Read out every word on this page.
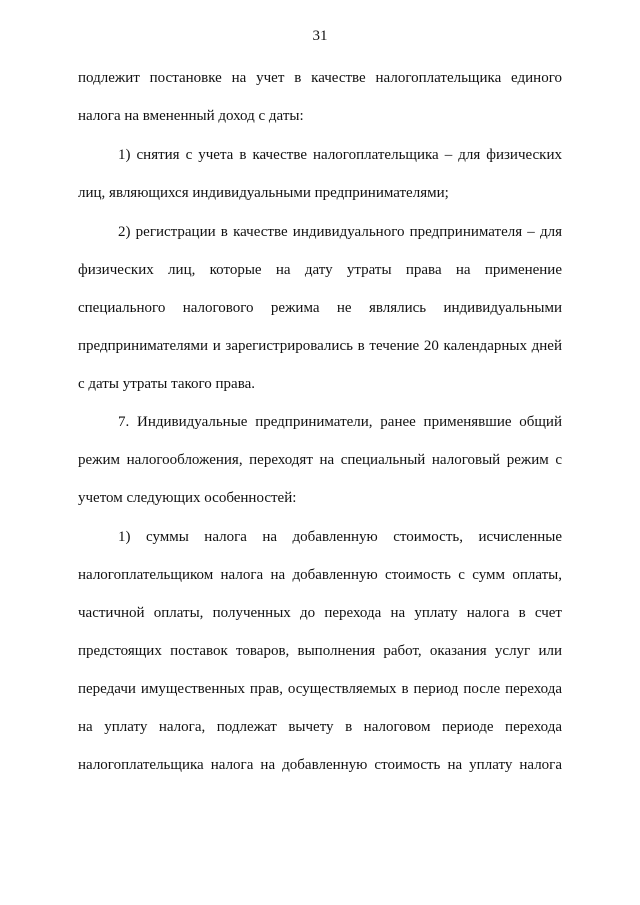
31
подлежит постановке на учет в качестве налогоплательщика единого
налога на вмененный доход с даты:
1) снятия с учета в качестве налогоплательщика – для физических
лиц, являющихся индивидуальными предпринимателями;
2) регистрации в качестве индивидуального предпринимателя – для
физических лиц, которые на дату утраты права на применение
специального налогового режима не являлись индивидуальными
предпринимателями и зарегистрировались в течение 20 календарных дней
с даты утраты такого права.
7. Индивидуальные предприниматели, ранее применявшие общий
режим налогообложения, переходят на специальный налоговый режим с
учетом следующих особенностей:
1) суммы налога на добавленную стоимость, исчисленные
налогоплательщиком налога на добавленную стоимость с сумм оплаты,
частичной оплаты, полученных до перехода на уплату налога в счет
предстоящих поставок товаров, выполнения работ, оказания услуг или
передачи имущественных прав, осуществляемых в период после перехода
на уплату налога, подлежат вычету в налоговом периоде перехода
налогоплательщика налога на добавленную стоимость на уплату налога
